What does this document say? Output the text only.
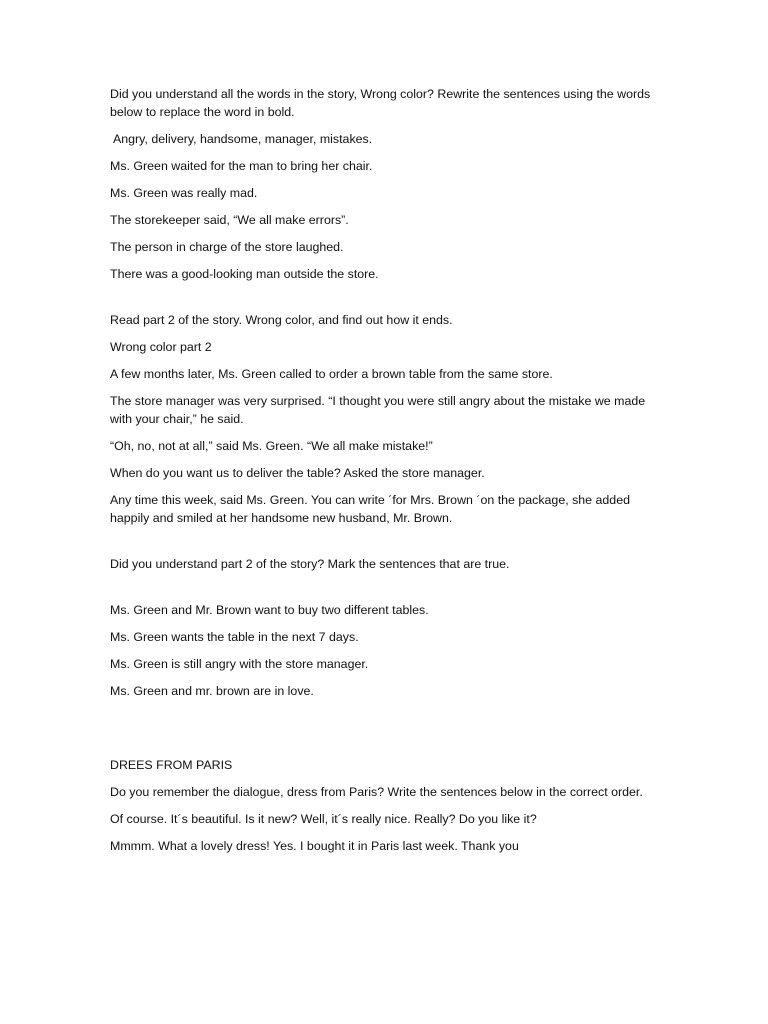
Did you understand all the words in the story, Wrong color? Rewrite the sentences using the words below to replace the word in bold.

Angry, delivery, handsome, manager, mistakes.

Ms. Green waited for the man to bring her chair.

Ms. Green was really mad.

The storekeeper said, “We all make errors”.

The person in charge of the store laughed.

There was a good-looking man outside the store.

Read part 2 of the story. Wrong color, and find out how it ends.

Wrong color part 2

A few months later, Ms. Green called to order a brown table from the same store.

The store manager was very surprised. “I thought you were still angry about the mistake we made with your chair,” he said.

“Oh, no, not at all,” said Ms. Green. “We all make mistake!”

When do you want us to deliver the table? Asked the store manager.

Any time this week, said Ms. Green. You can write ´for Mrs. Brown ´on the package, she added happily and smiled at her handsome new husband, Mr. Brown.

Did you understand part 2 of the story? Mark the sentences that are true.

Ms. Green and Mr. Brown want to buy two different tables.

Ms. Green wants the table in the next 7 days.

Ms. Green is still angry with the store manager.

Ms. Green and mr. brown are in love.

DREES FROM PARIS

Do you remember the dialogue, dress from Paris? Write the sentences below in the correct order.

Of course. It´s beautiful. Is it new? Well, it´s really nice. Really? Do you like it?

Mmmm. What a lovely dress! Yes. I bought it in Paris last week. Thank you
